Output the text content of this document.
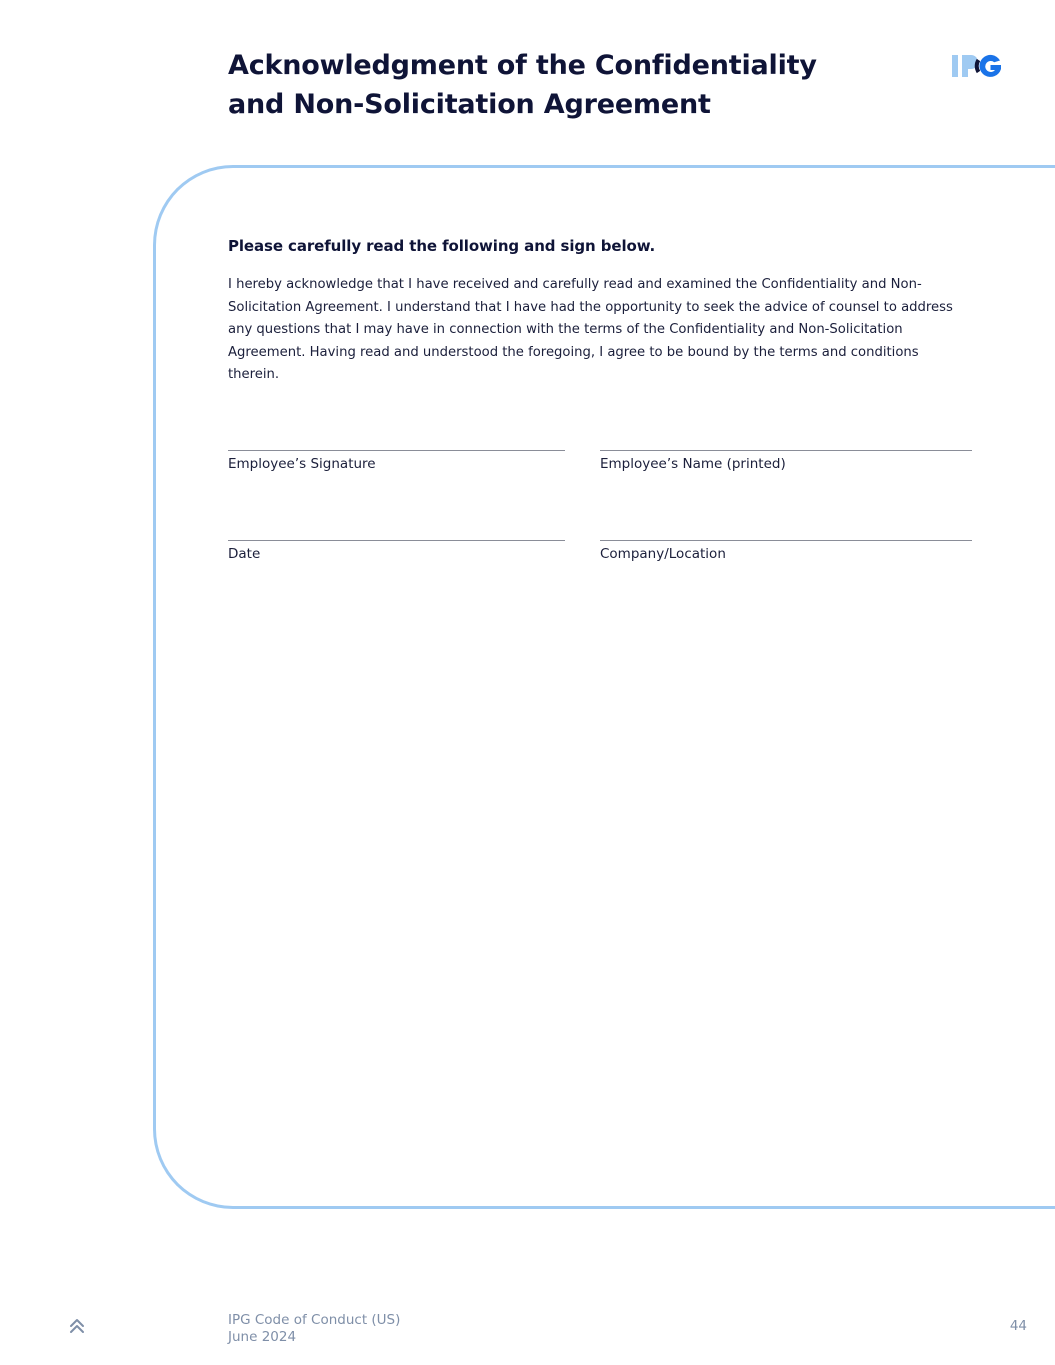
Acknowledgment of the Confidentiality
and Non-Solicitation Agreement

Please carefully read the following and sign below.

I hereby acknowledge that I have received and carefully read and examined the Confidentiality and Non-Solicitation Agreement. I understand that I have had the opportunity to seek the advice of counsel to address any questions that I may have in connection with the terms of the Confidentiality and Non-Solicitation Agreement. Having read and understood the foregoing, I agree to be bound by the terms and conditions therein.

Employee’s Signature	Employee’s Name (printed)
Date	Company/Location
IPG Code of Conduct (US)
June 2024
44
